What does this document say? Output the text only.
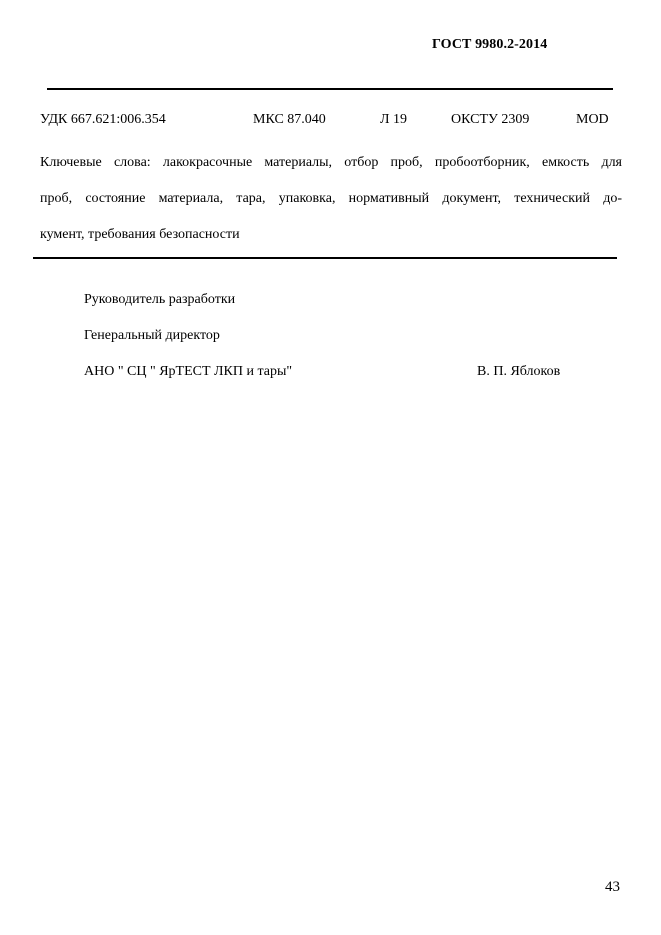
ГОСТ 9980.2-2014
УДК 667.621:006.354	МКС 87.040	Л 19	ОКСТУ 2309	MOD
Ключевые слова: лакокрасочные материалы, отбор проб, пробоотборник, емкость для
проб, состояние материала, тара, упаковка, нормативный документ, технический до-
кумент, требования безопасности
Руководитель разработки
Генеральный директор
АНО " СЦ " ЯрТЕСТ ЛКП и тары"	В. П. Яблоков
43
